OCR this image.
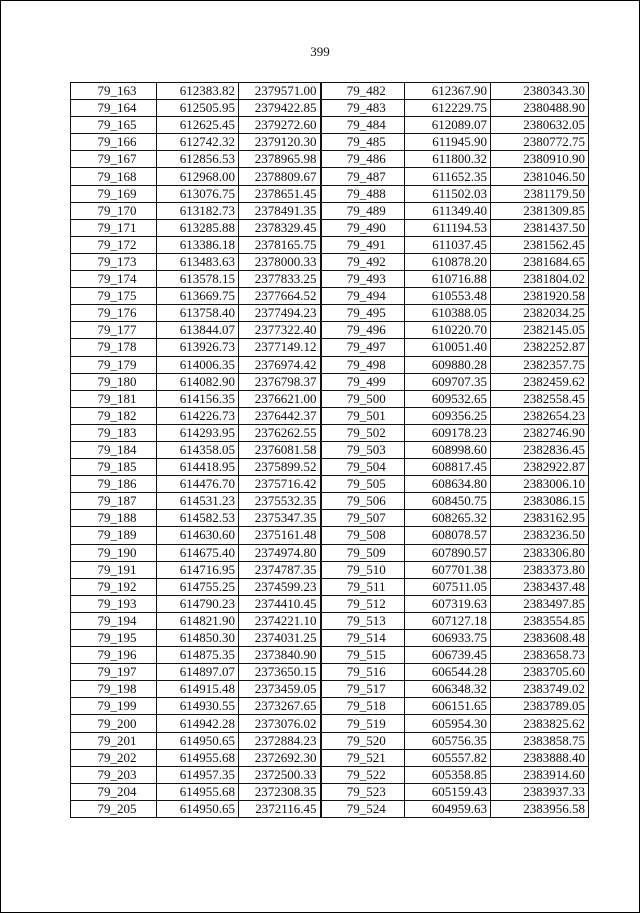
399
79_163	612383.82	2379571.00	79_482	612367.90	2380343.30
79_164	612505.95	2379422.85	79_483	612229.75	2380488.90
79_165	612625.45	2379272.60	79_484	612089.07	2380632.05
79_166	612742.32	2379120.30	79_485	611945.90	2380772.75
79_167	612856.53	2378965.98	79_486	611800.32	2380910.90
79_168	612968.00	2378809.67	79_487	611652.35	2381046.50
79_169	613076.75	2378651.45	79_488	611502.03	2381179.50
79_170	613182.73	2378491.35	79_489	611349.40	2381309.85
79_171	613285.88	2378329.45	79_490	611194.53	2381437.50
79_172	613386.18	2378165.75	79_491	611037.45	2381562.45
79_173	613483.63	2378000.33	79_492	610878.20	2381684.65
79_174	613578.15	2377833.25	79_493	610716.88	2381804.02
79_175	613669.75	2377664.52	79_494	610553.48	2381920.58
79_176	613758.40	2377494.23	79_495	610388.05	2382034.25
79_177	613844.07	2377322.40	79_496	610220.70	2382145.05
79_178	613926.73	2377149.12	79_497	610051.40	2382252.87
79_179	614006.35	2376974.42	79_498	609880.28	2382357.75
79_180	614082.90	2376798.37	79_499	609707.35	2382459.62
79_181	614156.35	2376621.00	79_500	609532.65	2382558.45
79_182	614226.73	2376442.37	79_501	609356.25	2382654.23
79_183	614293.95	2376262.55	79_502	609178.23	2382746.90
79_184	614358.05	2376081.58	79_503	608998.60	2382836.45
79_185	614418.95	2375899.52	79_504	608817.45	2382922.87
79_186	614476.70	2375716.42	79_505	608634.80	2383006.10
79_187	614531.23	2375532.35	79_506	608450.75	2383086.15
79_188	614582.53	2375347.35	79_507	608265.32	2383162.95
79_189	614630.60	2375161.48	79_508	608078.57	2383236.50
79_190	614675.40	2374974.80	79_509	607890.57	2383306.80
79_191	614716.95	2374787.35	79_510	607701.38	2383373.80
79_192	614755.25	2374599.23	79_511	607511.05	2383437.48
79_193	614790.23	2374410.45	79_512	607319.63	2383497.85
79_194	614821.90	2374221.10	79_513	607127.18	2383554.85
79_195	614850.30	2374031.25	79_514	606933.75	2383608.48
79_196	614875.35	2373840.90	79_515	606739.45	2383658.73
79_197	614897.07	2373650.15	79_516	606544.28	2383705.60
79_198	614915.48	2373459.05	79_517	606348.32	2383749.02
79_199	614930.55	2373267.65	79_518	606151.65	2383789.05
79_200	614942.28	2373076.02	79_519	605954.30	2383825.62
79_201	614950.65	2372884.23	79_520	605756.35	2383858.75
79_202	614955.68	2372692.30	79_521	605557.82	2383888.40
79_203	614957.35	2372500.33	79_522	605358.85	2383914.60
79_204	614955.68	2372308.35	79_523	605159.43	2383937.33
79_205	614950.65	2372116.45	79_524	604959.63	2383956.58
